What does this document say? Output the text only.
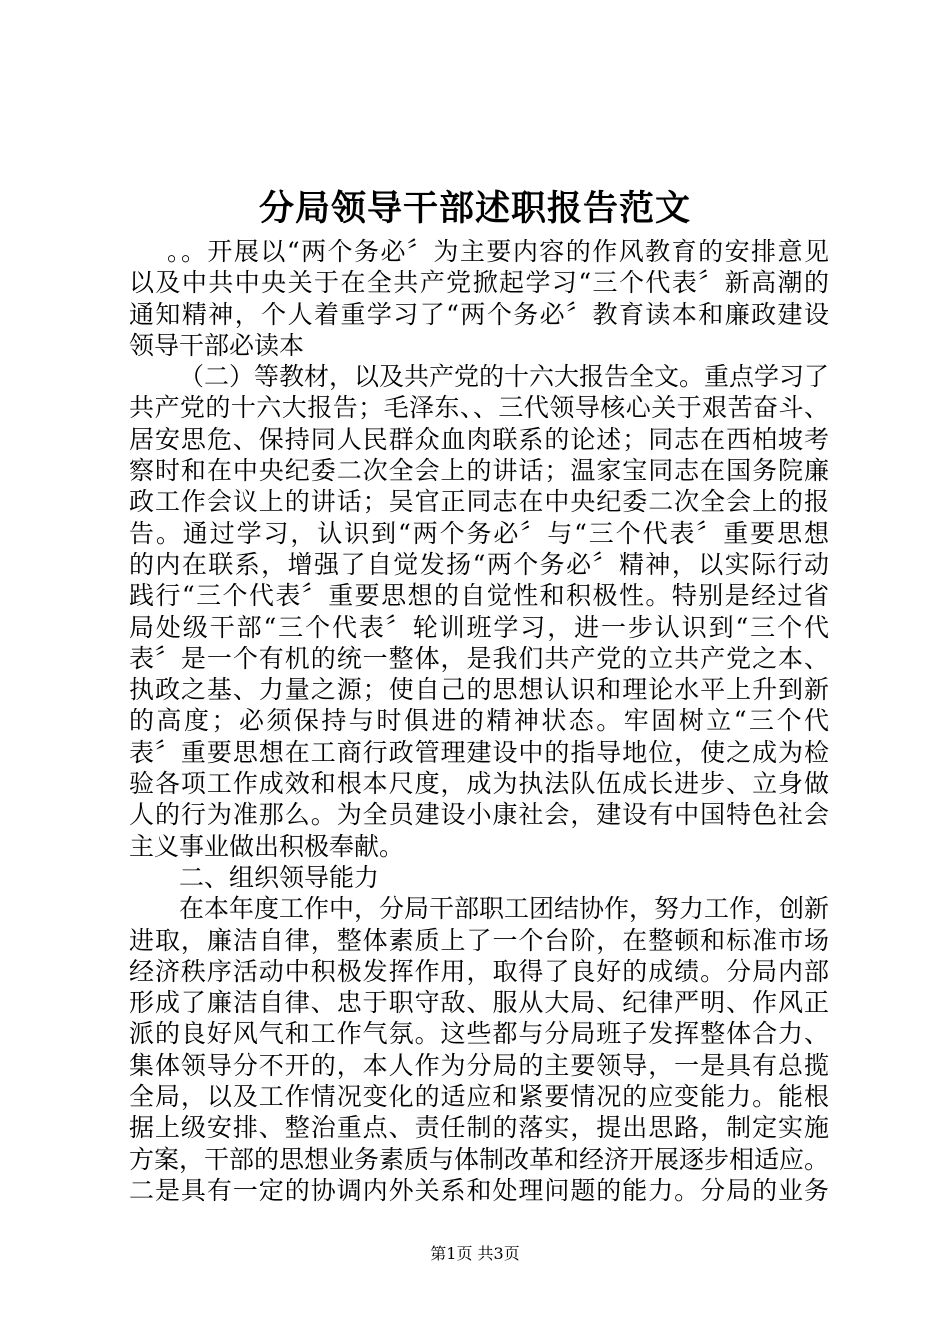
分局领导干部述职报告范文
。。开展以“两个务必〞为主要内容的作风教育的安排意见
以及中共中央关于在全共产党掀起学习“三个代表〞新高潮的
通知精神，个人着重学习了“两个务必〞教育读本和廉政建设
领导干部必读本
（二）等教材，以及共产党的十六大报告全文。重点学习了
共产党的十六大报告；毛泽东、、三代领导核心关于艰苦奋斗、
居安思危、保持同人民群众血肉联系的论述；同志在西柏坡考
察时和在中央纪委二次全会上的讲话；温家宝同志在国务院廉
政工作会议上的讲话；吴官正同志在中央纪委二次全会上的报
告。通过学习，认识到“两个务必〞与“三个代表〞重要思想
的内在联系，增强了自觉发扬“两个务必〞精神，以实际行动
践行“三个代表〞重要思想的自觉性和积极性。特别是经过省
局处级干部“三个代表〞轮训班学习，进一步认识到“三个代
表〞是一个有机的统一整体，是我们共产党的立共产党之本、
执政之基、力量之源；使自己的思想认识和理论水平上升到新
的高度；必须保持与时俱进的精神状态。牢固树立“三个代
表〞重要思想在工商行政管理建设中的指导地位，使之成为检
验各项工作成效和根本尺度，成为执法队伍成长进步、立身做
人的行为准那么。为全员建设小康社会，建设有中国特色社会
主义事业做出积极奉献。
二、组织领导能力
在本年度工作中，分局干部职工团结协作，努力工作，创新
进取，廉洁自律，整体素质上了一个台阶，在整顿和标准市场
经济秩序活动中积极发挥作用，取得了良好的成绩。分局内部
形成了廉洁自律、忠于职守敌、服从大局、纪律严明、作风正
派的良好风气和工作气氛。这些都与分局班子发挥整体合力、
集体领导分不开的，本人作为分局的主要领导，一是具有总揽
全局，以及工作情况变化的适应和紧要情况的应变能力。能根
据上级安排、整治重点、责任制的落实，提出思路，制定实施
方案，干部的思想业务素质与体制改革和经济开展逐步相适应。
二是具有一定的协调内外关系和处理问题的能力。分局的业务
第1页 共3页
